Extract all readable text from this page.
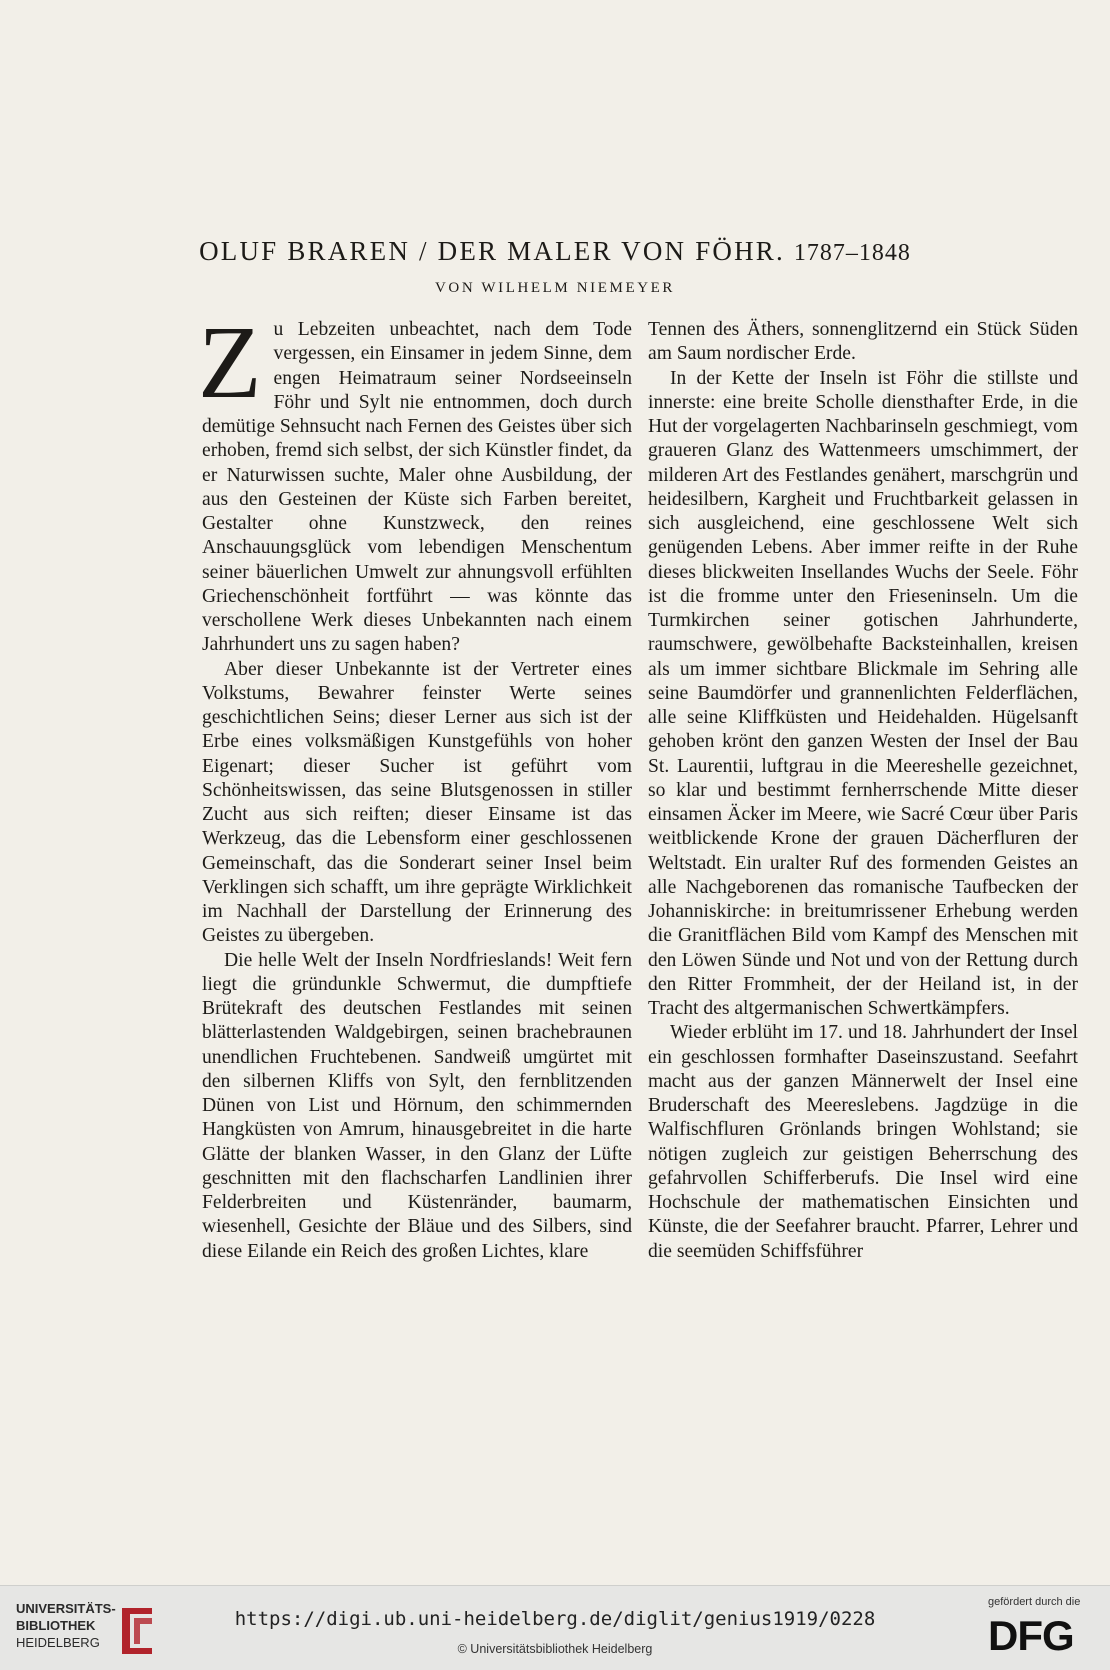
OLUF BRAREN / DER MALER VON FÖHR. 1787–1848
VON WILHELM NIEMEYER

Zu Lebzeiten unbeachtet, nach dem Tode vergessen, ein Einsamer in jedem Sinne, dem engen Heimatraum seiner Nordseeinseln Föhr und Sylt nie entnommen, doch durch demütige Sehnsucht nach Fernen des Geistes über sich erhoben, fremd sich selbst, der sich Künstler findet, da er Naturwissen suchte, Maler ohne Ausbildung, der aus den Gesteinen der Küste sich Farben bereitet, Gestalter ohne Kunstzweck, den reines Anschauungsglück vom lebendigen Menschentum seiner bäuerlichen Umwelt zur ahnungsvoll erfühlten Griechenschönheit fortführt — was könnte das verschollene Werk dieses Unbekannten nach einem Jahrhundert uns zu sagen haben?

Aber dieser Unbekannte ist der Vertreter eines Volkstums, Bewahrer feinster Werte seines geschichtlichen Seins; dieser Lerner aus sich ist der Erbe eines volksmäßigen Kunstgefühls von hoher Eigenart; dieser Sucher ist geführt vom Schönheitswissen, das seine Blutsgenossen in stiller Zucht aus sich reiften; dieser Einsame ist das Werkzeug, das die Lebensform einer geschlossenen Gemeinschaft, das die Sonderart seiner Insel beim Verklingen sich schafft, um ihre geprägte Wirklichkeit im Nachhall der Darstellung der Erinnerung des Geistes zu übergeben.

Die helle Welt der Inseln Nordfrieslands! Weit fern liegt die gründunkle Schwermut, die dumpftiefe Brütekraft des deutschen Festlandes mit seinen blätterlastenden Waldgebirgen, seinen brachebraunen unendlichen Fruchtebenen. Sandweiß umgürtet mit den silbernen Kliffs von Sylt, den fernblitzenden Dünen von List und Hörnum, den schimmernden Hangküsten von Amrum, hinausgebreitet in die harte Glätte der blanken Wasser, in den Glanz der Lüfte geschnitten mit den flachscharfen Landlinien ihrer Felderbreiten und Küstenränder, baumarm, wiesenhell, Gesichte der Bläue und des Silbers, sind diese Eilande ein Reich des großen Lichtes, klare

Tennen des Äthers, sonnenglitzernd ein Stück Süden am Saum nordischer Erde.

In der Kette der Inseln ist Föhr die stillste und innerste: eine breite Scholle diensthafter Erde, in die Hut der vorgelagerten Nachbarinseln geschmiegt, vom graueren Glanz des Wattenmeers umschimmert, der milderen Art des Festlandes genähert, marschgrün und heidesilbern, Kargheit und Fruchtbarkeit gelassen in sich ausgleichend, eine geschlossene Welt sich genügenden Lebens. Aber immer reifte in der Ruhe dieses blickweiten Insellandes Wuchs der Seele. Föhr ist die fromme unter den Frieseninseln. Um die Turmkirchen seiner gotischen Jahrhunderte, raumschwere, gewölbehafte Backsteinhallen, kreisen als um immer sichtbare Blickmale im Sehring alle seine Baumdörfer und grannenlichten Felderflächen, alle seine Kliffküsten und Heidehalden. Hügelsanft gehoben krönt den ganzen Westen der Insel der Bau St. Laurentii, luftgrau in die Meereshelle gezeichnet, so klar und bestimmt fernherrschende Mitte dieser einsamen Äcker im Meere, wie Sacré Cœur über Paris weitblickende Krone der grauen Dächerfluren der Weltstadt. Ein uralter Ruf des formenden Geistes an alle Nachgeborenen das romanische Taufbecken der Johanniskirche: in breitumrissener Erhebung werden die Granitflächen Bild vom Kampf des Menschen mit den Löwen Sünde und Not und von der Rettung durch den Ritter Frommheit, der der Heiland ist, in der Tracht des altgermanischen Schwertkämpfers.

Wieder erblüht im 17. und 18. Jahrhundert der Insel ein geschlossen formhafter Daseinszustand. Seefahrt macht aus der ganzen Männerwelt der Insel eine Bruderschaft des Meereslebens. Jagdzüge in die Walfischfluren Grönlands bringen Wohlstand; sie nötigen zugleich zur geistigen Beherrschung des gefahrvollen Schifferberufs. Die Insel wird eine Hochschule der mathematischen Einsichten und Künste, die der Seefahrer braucht. Pfarrer, Lehrer und die seemüden Schiffsführer

UNIVERSITÄTS-
BIBLIOTHEK
HEIDELBERG
https://digi.ub.uni-heidelberg.de/diglit/genius1919/0228
© Universitätsbibliothek Heidelberg
gefördert durch die
DFG
